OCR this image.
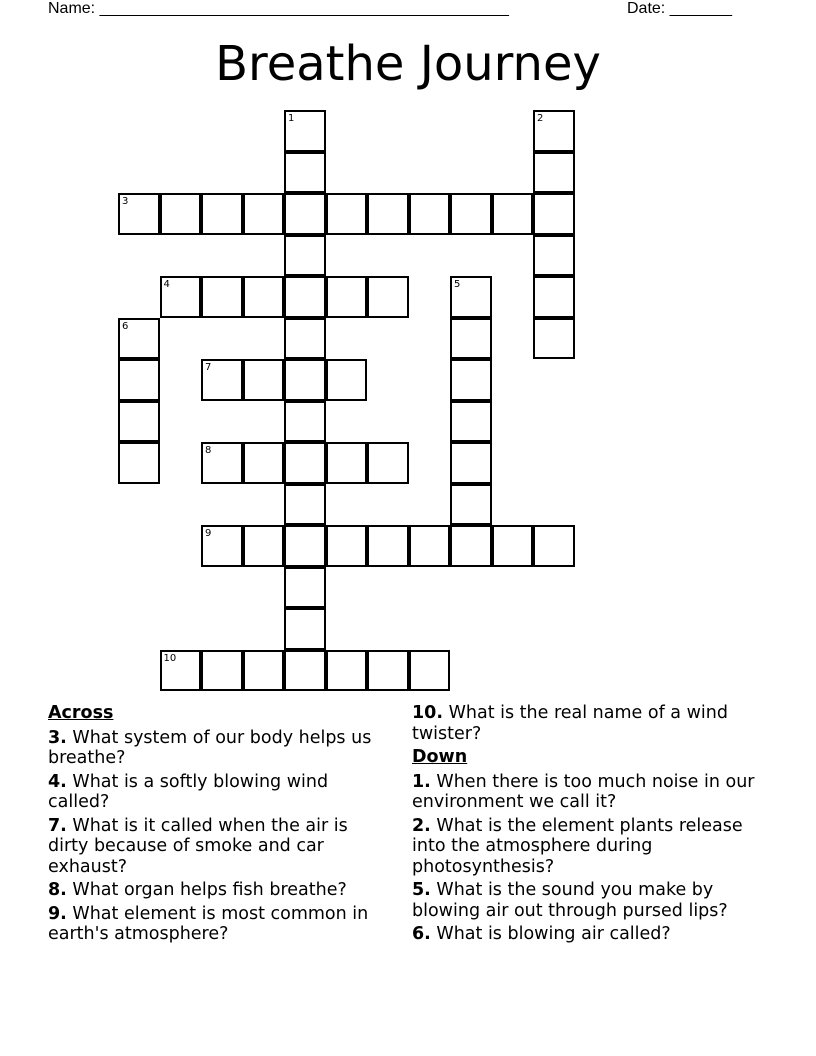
Name: ______________________________________________	Date: _______
Breathe Journey
1	2
3
4	5
6
7
8
9
10
Across
3. What system of our body helps us breathe?
4. What is a softly blowing wind called?
7. What is it called when the air is dirty because of smoke and car exhaust?
8. What organ helps fish breathe?
9. What element is most common in earth's atmosphere?
10. What is the real name of a wind twister?
Down
1. When there is too much noise in our environment we call it?
2. What is the element plants release into the atmosphere during photosynthesis?
5. What is the sound you make by blowing air out through pursed lips?
6. What is blowing air called?
